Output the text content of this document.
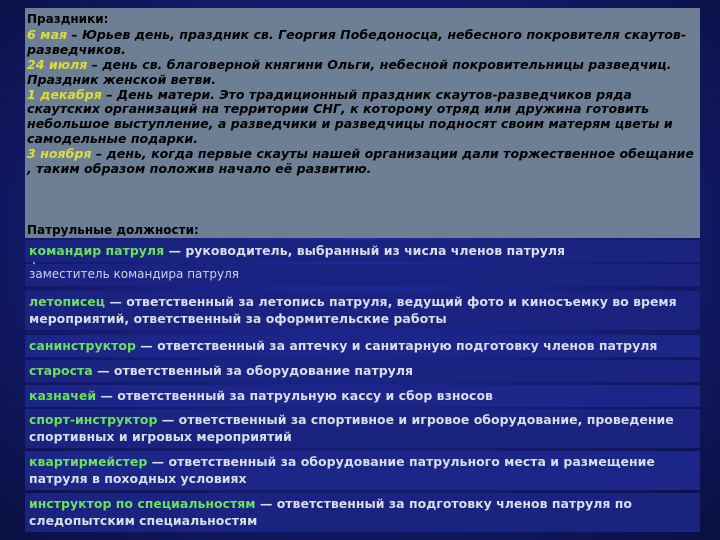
Праздники:

6 мая – Юрьев день, праздник св. Георгия Победоносца, небесного покровителя скаутов-разведчиков.

24 июля – день св. благоверной княгини Ольги, небесной покровительницы разведчиц. Праздник женской ветви.

1 декабря – День матери. Это традиционный праздник скаутов-разведчиков ряда скаутских организаций на территории СНГ, к которому отряд или дружина готовить небольшое выступление, а разведчики и разведчицы подносят своим матерям цветы и самодельные подарки.

3 ноября – день, когда первые скауты нашей организации дали торжественное обещание , таким образом положив начало её развитию.

Патрульные должности:
командир патруля — руководитель, выбранный из числа членов патруля
заместитель командира патруля
летописец — ответственный за летопись патруля, ведущий фото и киносъемку во время мероприятий, ответственный за оформительские работы
санинструктор — ответственный за аптечку и санитарную подготовку членов патруля
староста — ответственный за оборудование патруля
казначей — ответственный за патрульную кассу и сбор взносов
спорт-инструктор — ответственный за спортивное и игровое оборудование, проведение спортивных и игровых мероприятий
квартирмейстер — ответственный за оборудование патрульного места и размещение патруля в походных условиях
инструктор по специальностям — ответственный за подготовку членов патруля по следопытским специальностям
